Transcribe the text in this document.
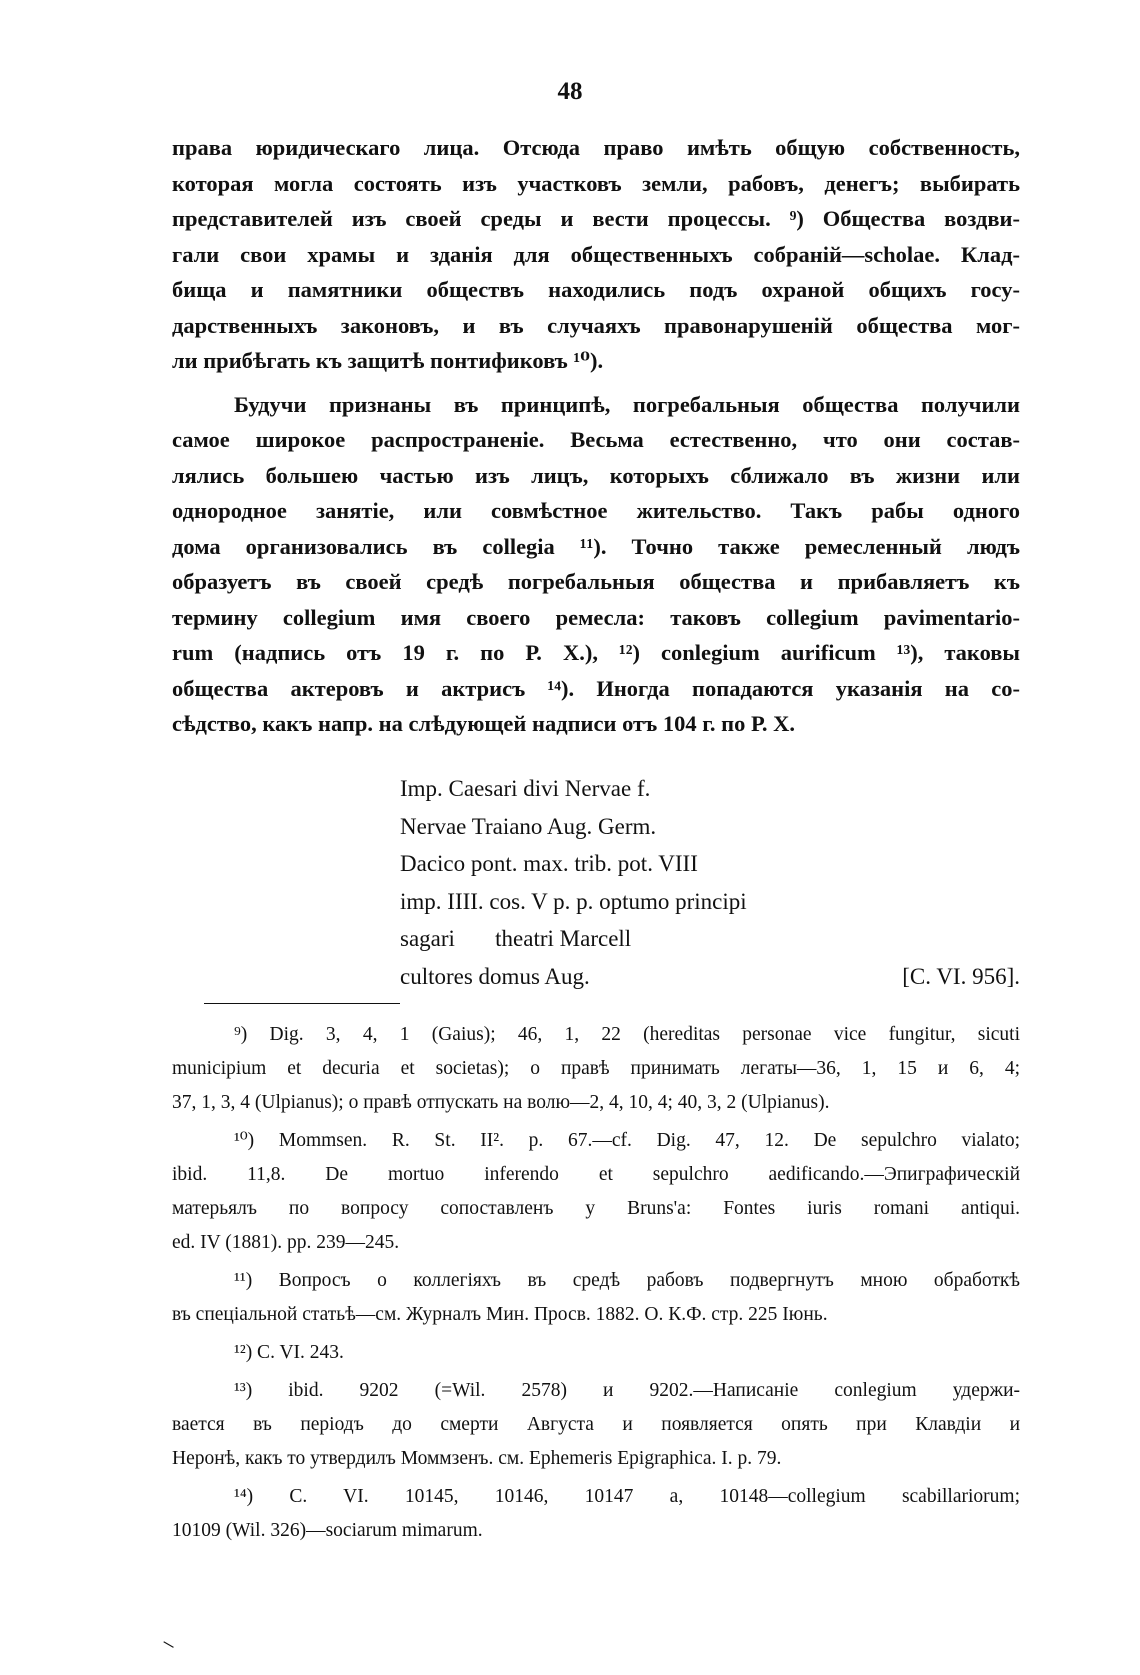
48
права юридическаго лица. Отсюда право имѣть общую собственность,
которая могла состоять изъ участковъ земли, рабовъ, денегъ; выбирать
представителей изъ своей среды и вести процессы. ⁹) Общества воздви-
гали свои храмы и зданія для общественныхъ собраній—scholae. Клад-
бища и памятники обществъ находились подъ охраной общихъ госу-
дарственныхъ законовъ, и въ случаяхъ правонарушеній общества мог-
ли прибѣгать къ защитѣ понтификовъ ¹⁰).
Будучи признаны въ принципѣ, погребальныя общества получили
самое широкое распространеніе. Весьма естественно, что они состав-
лялись большею частью изъ лицъ, которыхъ сближало въ жизни или
однородное занятіе, или совмѣстное жительство. Такъ рабы одного
дома организовались въ collegia ¹¹). Точно также ремесленный людъ
образуетъ въ своей средѣ погребальныя общества и прибавляетъ къ
термину collegium имя своего ремесла: таковъ collegium pavimentario-
rum (надпись отъ 19 г. по Р. Х.), ¹²) conlegium aurificum ¹³), таковы
общества актеровъ и актрисъ ¹⁴). Иногда попадаются указанія на со-
сѣдство, какъ напр. на слѣдующей надписи отъ 104 г. по Р. Х.
Imp. Caesari divi Nervae f.
Nervae Traiano Aug. Germ.
Dacico pont. max. trib. pot. VIII
imp. IIII. cos. V p. p. optumo principi
sagari       theatri Marcell
cultores domus Aug.	[C. VI. 956].
⁹) Dig. 3, 4, 1 (Gaius); 46, 1, 22 (hereditas personae vice fungitur, sicuti
municipium et decuria et societas); о правѣ принимать легаты—36, 1, 15 и 6, 4;
37, 1, 3, 4 (Ulpianus); о правѣ отпускать на волю—2, 4, 10, 4; 40, 3, 2 (Ulpianus).
¹⁰) Mommsen. R. St. II². p. 67.—cf. Dig. 47, 12. De sepulchro vialato;
ibid. 11,8. De mortuo inferendo et sepulchro aedificando.—Эпиграфическій
матерьялъ по вопросу сопоставленъ у Bruns'a: Fontes iuris romani antiqui.
ed. IV (1881). pp. 239—245.
¹¹) Вопросъ о коллегіяхъ въ средѣ рабовъ подвергнутъ мною обработкѣ
въ спеціальной статьѣ—см. Журналъ Мин. Просв. 1882. О. К.Ф. стр. 225 Іюнь.
¹²) C. VI. 243.
¹³) ibid. 9202 (=Wil. 2578) и 9202.—Написаніе conlegium удержи-
вается въ періодъ до смерти Августа и появляется опять при Клавдіи и
Неронѣ, какъ то утвердилъ Моммзенъ. см. Ephemeris Epigraphica. I. p. 79.
¹⁴) C. VI. 10145, 10146, 10147 a, 10148—collegium scabillariorum;
10109 (Wil. 326)—sociarum mimarum.
‒
